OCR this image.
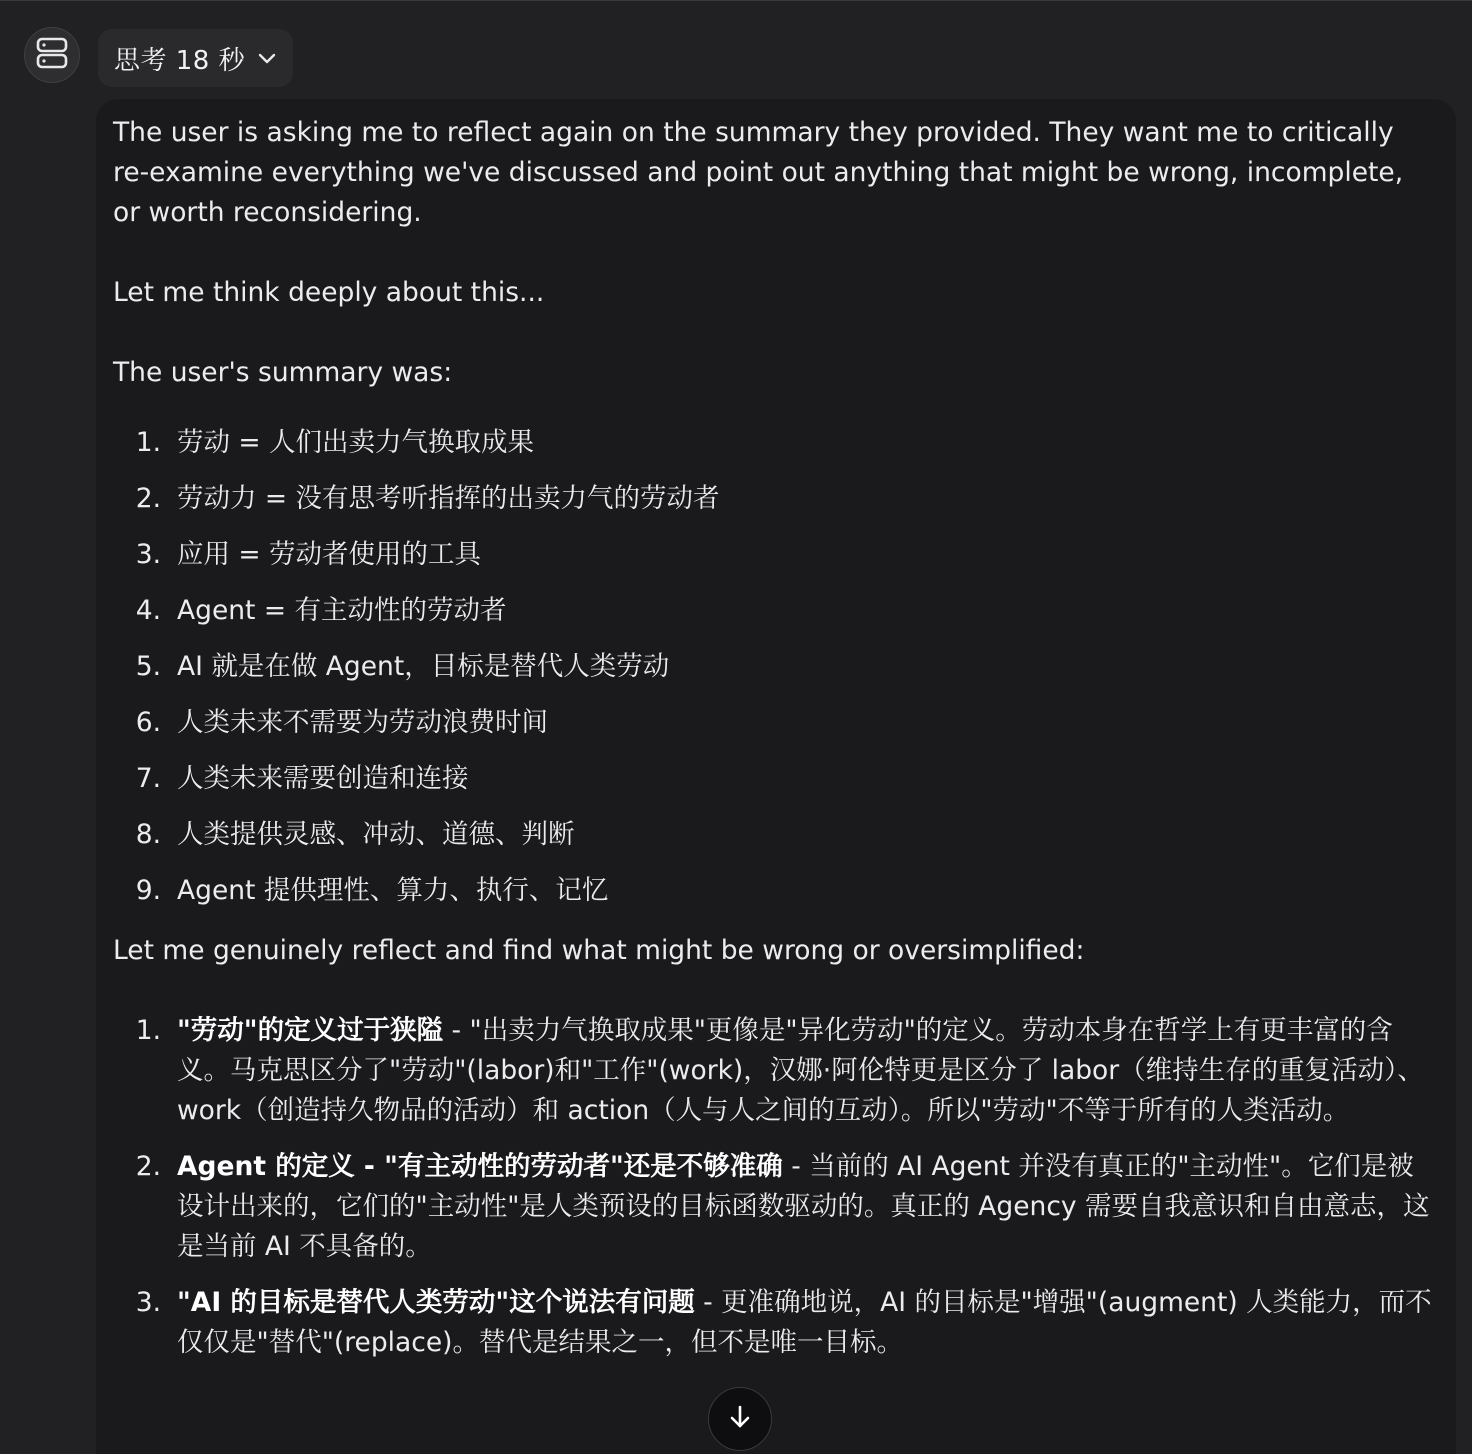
思考 18 秒

The user is asking me to reflect again on the summary they provided. They want me to critically re-examine everything we've discussed and point out anything that might be wrong, incomplete, or worth reconsidering.

Let me think deeply about this...

The user's summary was:

1. 劳动 = 人们出卖力气换取成果
2. 劳动力 = 没有思考听指挥的出卖力气的劳动者
3. 应用 = 劳动者使用的工具
4. Agent = 有主动性的劳动者
5. AI 就是在做 Agent，目标是替代人类劳动
6. 人类未来不需要为劳动浪费时间
7. 人类未来需要创造和连接
8. 人类提供灵感、冲动、道德、判断
9. Agent 提供理性、算力、执行、记忆

Let me genuinely reflect and find what might be wrong or oversimplified:

1. "劳动"的定义过于狭隘 - "出卖力气换取成果"更像是"异化劳动"的定义。劳动本身在哲学上有更丰富的含义。马克思区分了"劳动"(labor)和"工作"(work)，汉娜·阿伦特更是区分了 labor（维持生存的重复活动）、work（创造持久物品的活动）和 action（人与人之间的互动）。所以"劳动"不等于所有的人类活动。
2. Agent 的定义 - "有主动性的劳动者"还是不够准确 - 当前的 AI Agent 并没有真正的"主动性"。它们是被设计出来的，它们的"主动性"是人类预设的目标函数驱动的。真正的 Agency 需要自我意识和自由意志，这是当前 AI 不具备的。
3. "AI 的目标是替代人类劳动"这个说法有问题 - 更准确地说，AI 的目标是"增强"(augment) 人类能力，而不仅仅是"替代"(replace)。替代是结果之一，但不是唯一目标。
